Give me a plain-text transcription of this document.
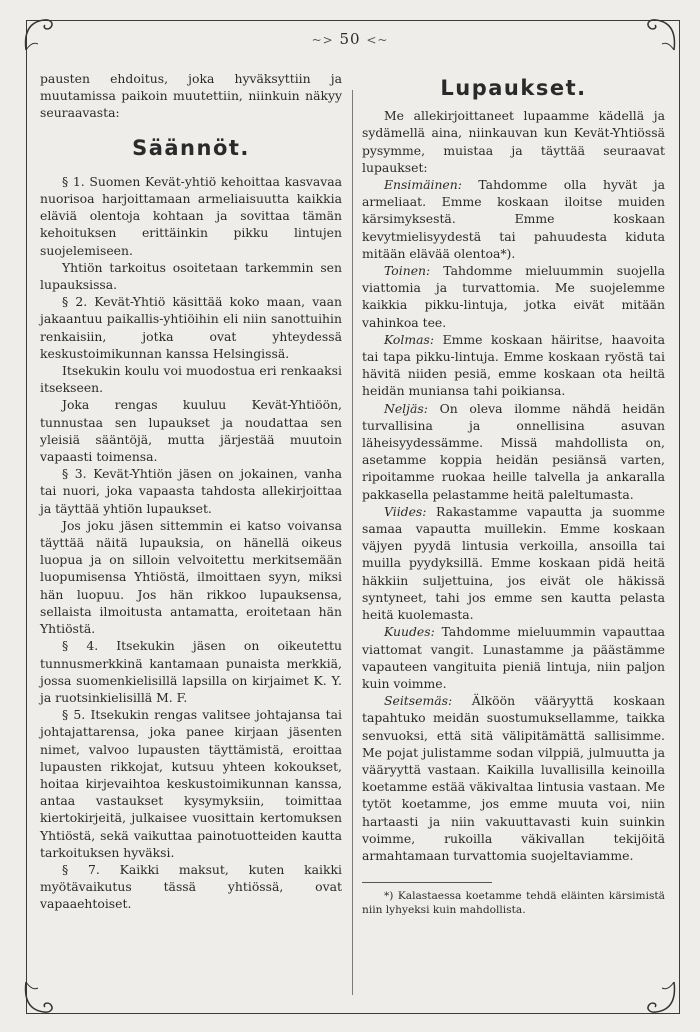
~> 50 <~

pausten ehdoitus, joka hyväksyttiin ja muutamissa paikoin muutettiin, niinkuin näkyy seuraavasta:

Säännöt.

§ 1. Suomen Kevät-yhtiö kehoittaa kasvavaa nuorisoa harjoittamaan armeliaisuutta kaikkia eläviä olentoja kohtaan ja sovittaa tämän kehoituksen erittäinkin pikku lintujen suojelemiseen.

Yhtiön tarkoitus osoitetaan tarkemmin sen lupauksissa.

§ 2. Kevät-Yhtiö käsittää koko maan, vaan jakaantuu paikallis-yhtiöihin eli niin sanottuihin renkaisiin, jotka ovat yhteydessä keskustoimikunnan kanssa Helsingissä.

Itsekukin koulu voi muodostua eri renkaaksi itsekseen.

Joka rengas kuuluu Kevät-Yhtiöön, tunnustaa sen lupaukset ja noudattaa sen yleisiä sääntöjä, mutta järjestää muutoin vapaasti toimensa.

§ 3. Kevät-Yhtiön jäsen on jokainen, vanha tai nuori, joka vapaasta tahdosta allekirjoittaa ja täyttää yhtiön lupaukset.

Jos joku jäsen sittemmin ei katso voivansa täyttää näitä lupauksia, on hänellä oikeus luopua ja on silloin velvoitettu merkitsemään luopumisensa Yhtiöstä, ilmoittaen syyn, miksi hän luopuu. Jos hän rikkoo lupauksensa, sellaista ilmoitusta antamatta, eroitetaan hän Yhtiöstä.

§ 4. Itsekukin jäsen on oikeutettu tunnusmerkkinä kantamaan punaista merkkiä, jossa suomenkielisillä lapsilla on kirjaimet K. Y. ja ruotsinkielisillä M. F.

§ 5. Itsekukin rengas valitsee johtajansa tai johtajattarensa, joka panee kirjaan jäsenten nimet, valvoo lupausten täyttämistä, eroittaa lupausten rikkojat, kutsuu yhteen kokoukset, hoitaa kirjevaihtoa keskustoimikunnan kanssa, antaa vastaukset kysymyksiin, toimittaa kiertokirjeitä, julkaisee vuosittain kertomuksen Yhtiöstä, sekä vaikuttaa painotuotteiden kautta tarkoituksen hyväksi.

§ 7. Kaikki maksut, kuten kaikki myötävaikutus tässä yhtiössä, ovat vapaaehtoiset.

Lupaukset.

Me allekirjoittaneet lupaamme kädellä ja sydämellä aina, niinkauvan kun Kevät-Yhtiössä pysymme, muistaa ja täyttää seuraavat lupaukset:

Ensimäinen: Tahdomme olla hyvät ja armeliaat. Emme koskaan iloitse muiden kärsimyksestä. Emme koskaan kevytmielisyydestä tai pahuudesta kiduta mitään elävää olentoa*).

Toinen: Tahdomme mieluummin suojella viattomia ja turvattomia. Me suojelemme kaikkia pikku-lintuja, jotka eivät mitään vahinkoa tee.

Kolmas: Emme koskaan häiritse, haavoita tai tapa pikku-lintuja. Emme koskaan ryöstä tai hävitä niiden pesiä, emme koskaan ota heiltä heidän muniansa tahi poikiansa.

Neljäs: On oleva ilomme nähdä heidän turvallisina ja onnellisina asuvan läheisyydessämme. Missä mahdollista on, asetamme koppia heidän pesiänsä varten, ripoitamme ruokaa heille talvella ja ankaralla pakkasella pelastamme heitä paleltumasta.

Viides: Rakastamme vapautta ja suomme samaa vapautta muillekin. Emme koskaan väjyen pyydä lintusia verkoilla, ansoilla tai muilla pyydyksillä. Emme koskaan pidä heitä häkkiin suljettuina, jos eivät ole häkissä syntyneet, tahi jos emme sen kautta pelasta heitä kuolemasta.

Kuudes: Tahdomme mieluummin vapauttaa viattomat vangit. Lunastamme ja päästämme vapauteen vangituita pieniä lintuja, niin paljon kuin voimme.

Seitsemäs: Älköön vääryyttä koskaan tapahtuko meidän suostumuksellamme, taikka senvuoksi, että sitä välipitämättä sallisimme. Me pojat julistamme sodan vilppiä, julmuutta ja vääryyttä vastaan. Kaikilla luvallisilla keinoilla koetamme estää väkivaltaa lintusia vastaan. Me tytöt koetamme, jos emme muuta voi, niin hartaasti ja niin vakuuttavasti kuin suinkin voimme, rukoilla väkivallan tekijöitä armahtamaan turvattomia suojeltaviamme.

*) Kalastaessa koetamme tehdä eläinten kärsimistä niin lyhyeksi kuin mahdollista.
